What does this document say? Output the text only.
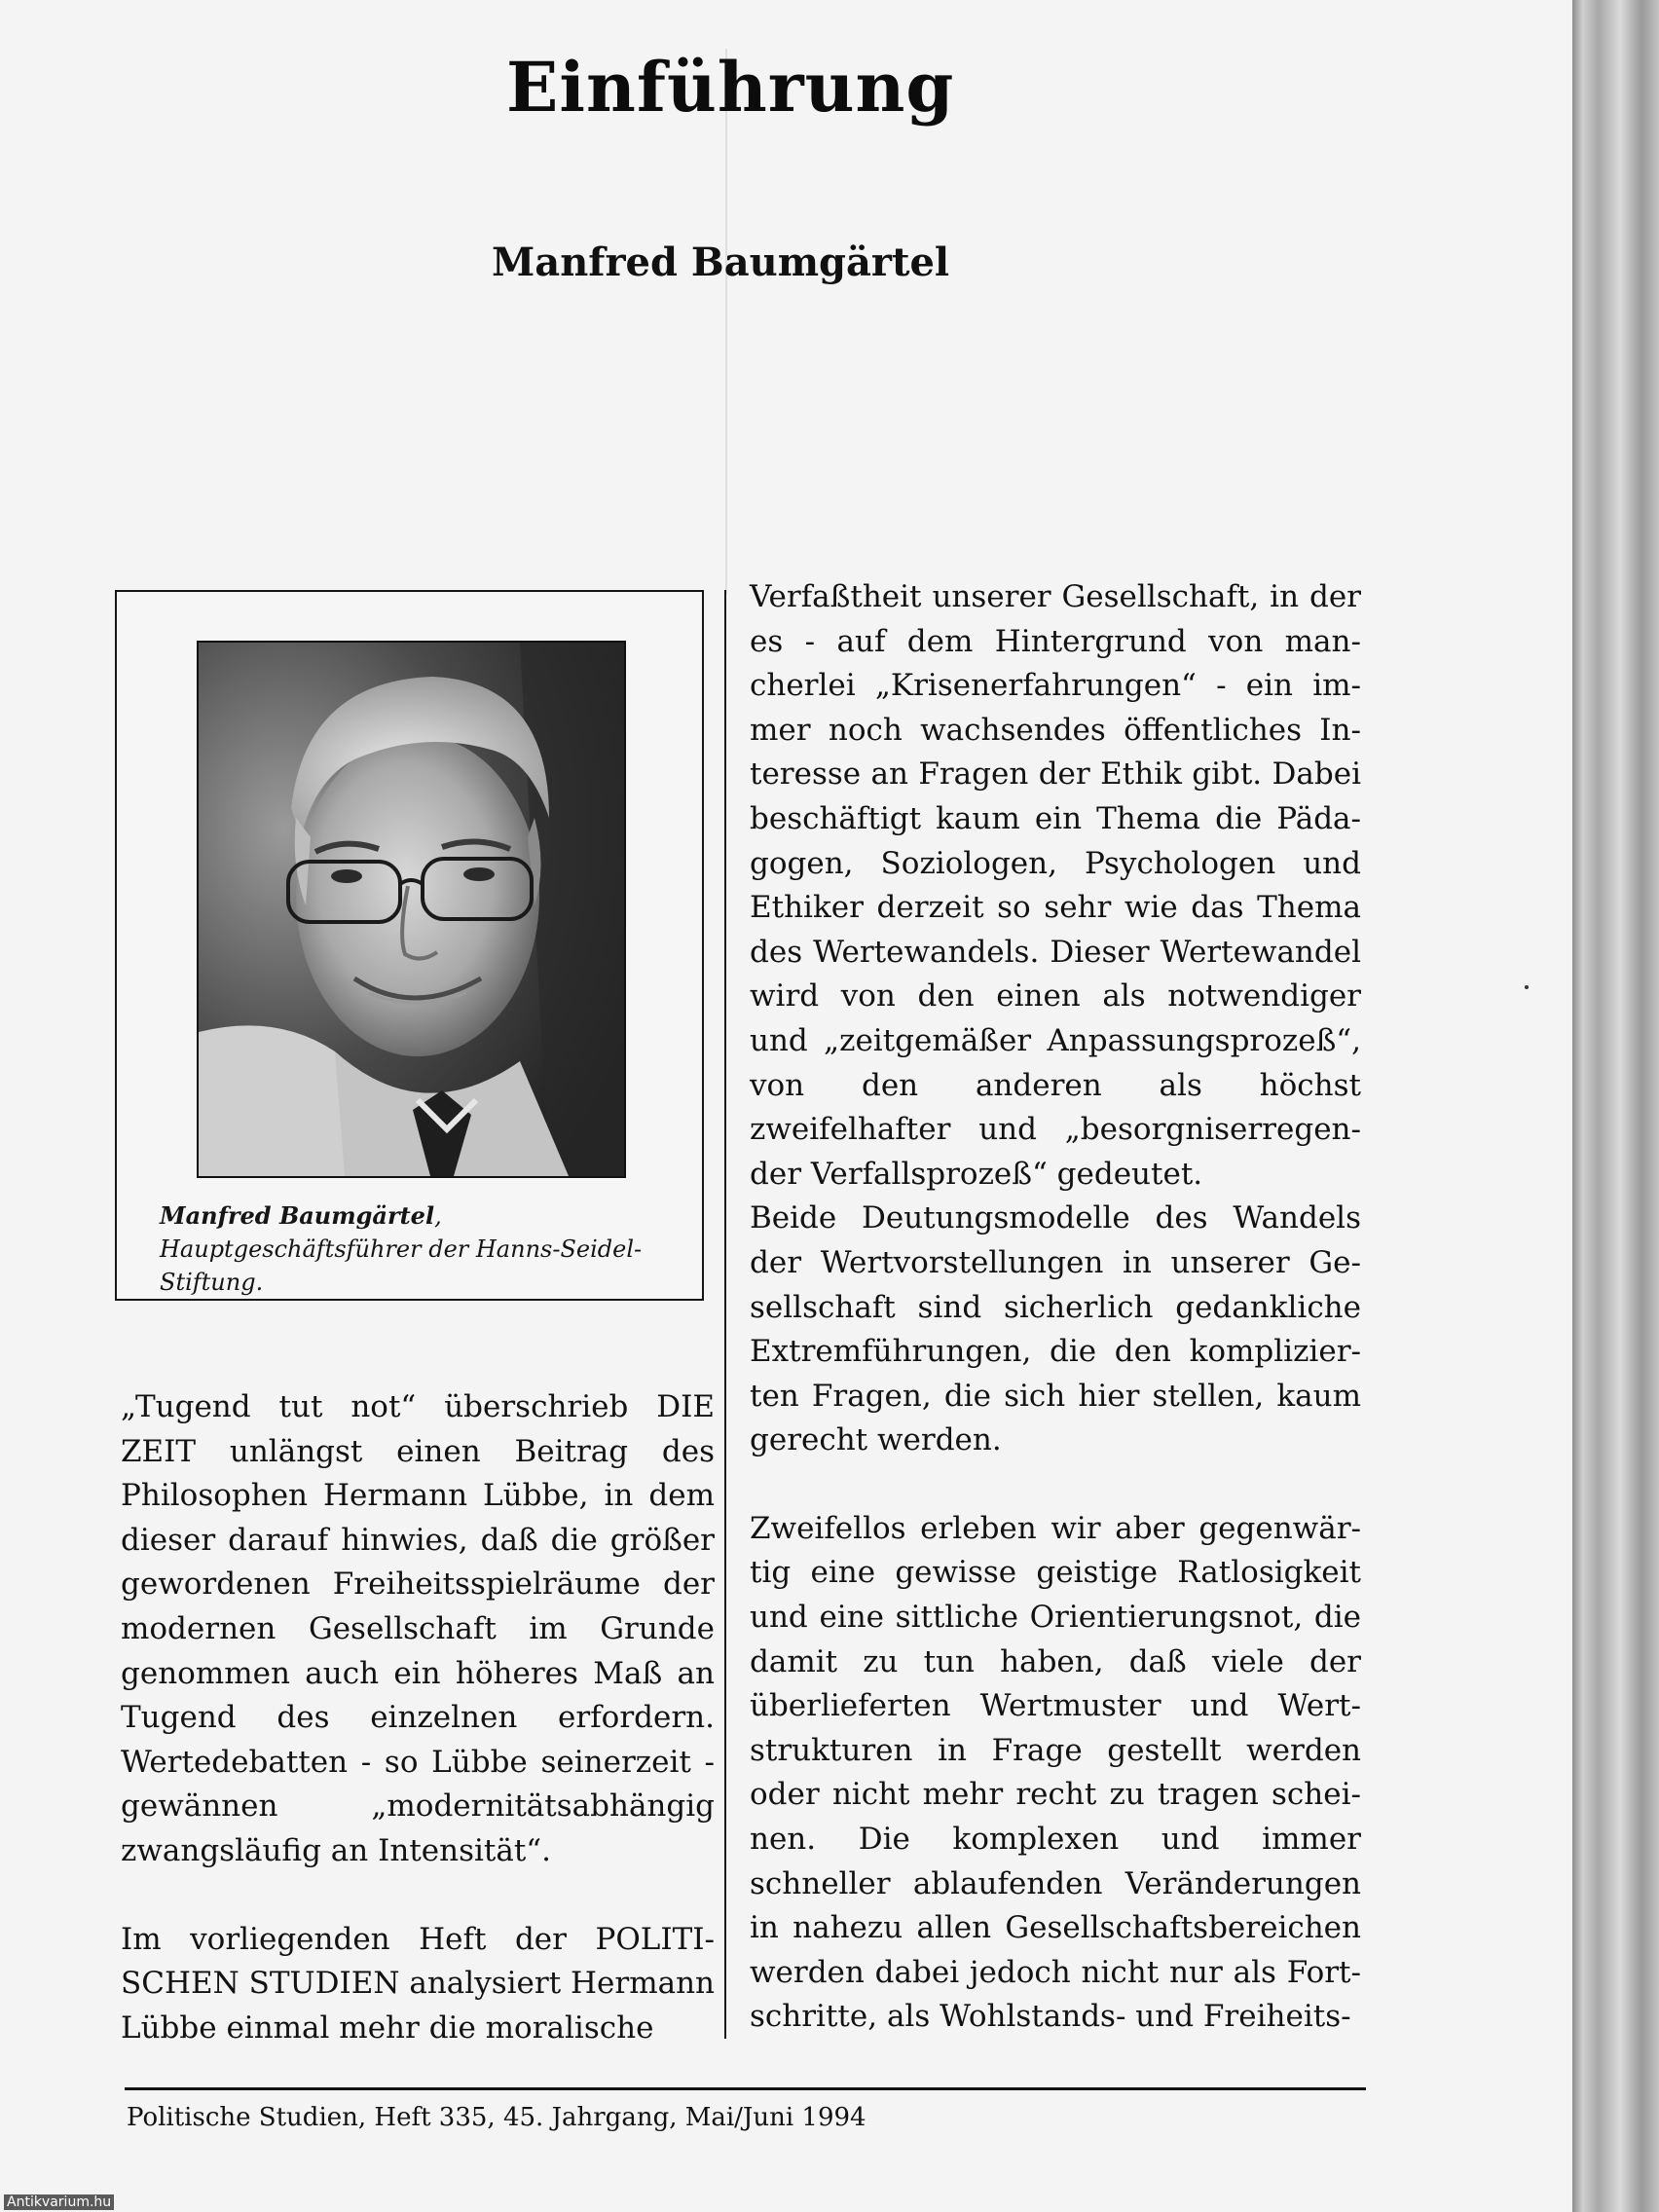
Einführung
Manfred Baumgärtel
Manfred Baumgärtel, Hauptgeschäftsführer der Hanns-Seidel-Stiftung.

„Tugend tut not“ überschrieb DIE ZEIT unlängst einen Beitrag des Philosophen Hermann Lübbe, in dem dieser darauf hinwies, daß die größer gewordenen Freiheitsspielräume der modernen Gesellschaft im Grunde genommen auch ein höheres Maß an Tugend des einzelnen erfordern. Wertedebatten - so Lübbe seinerzeit - gewännen „modernitätsabhängig zwangsläufig an Intensität“.

Im vorliegenden Heft der POLITISCHEN STUDIEN analysiert Hermann Lübbe einmal mehr die moralische

Verfaßtheit unserer Gesellschaft, in der es - auf dem Hintergrund von mancherlei „Krisenerfahrungen“ - ein immer noch wachsendes öffentliches Interesse an Fragen der Ethik gibt. Dabei beschäftigt kaum ein Thema die Pädagogen, Soziologen, Psychologen und Ethiker derzeit so sehr wie das Thema des Wertewandels. Dieser Wertewandel wird von den einen als notwendiger und „zeitgemäßer Anpassungsprozeß“, von den anderen als höchst zweifelhafter und „besorgniserregender Verfallsprozeß“ gedeutet.

Beide Deutungsmodelle des Wandels der Wertvorstellungen in unserer Gesellschaft sind sicherlich gedankliche Extremführungen, die den komplizierten Fragen, die sich hier stellen, kaum gerecht werden.

Zweifellos erleben wir aber gegenwärtig eine gewisse geistige Ratlosigkeit und eine sittliche Orientierungsnot, die damit zu tun haben, daß viele der überlieferten Wertmuster und Wertstrukturen in Frage gestellt werden oder nicht mehr recht zu tragen scheinen. Die komplexen und immer schneller ablaufenden Veränderungen in nahezu allen Gesellschaftsbereichen werden dabei jedoch nicht nur als Fortschritte, als Wohlstands- und Freiheits-

Politische Studien, Heft 335, 45. Jahrgang, Mai/Juni 1994
Antikvarium.hu
